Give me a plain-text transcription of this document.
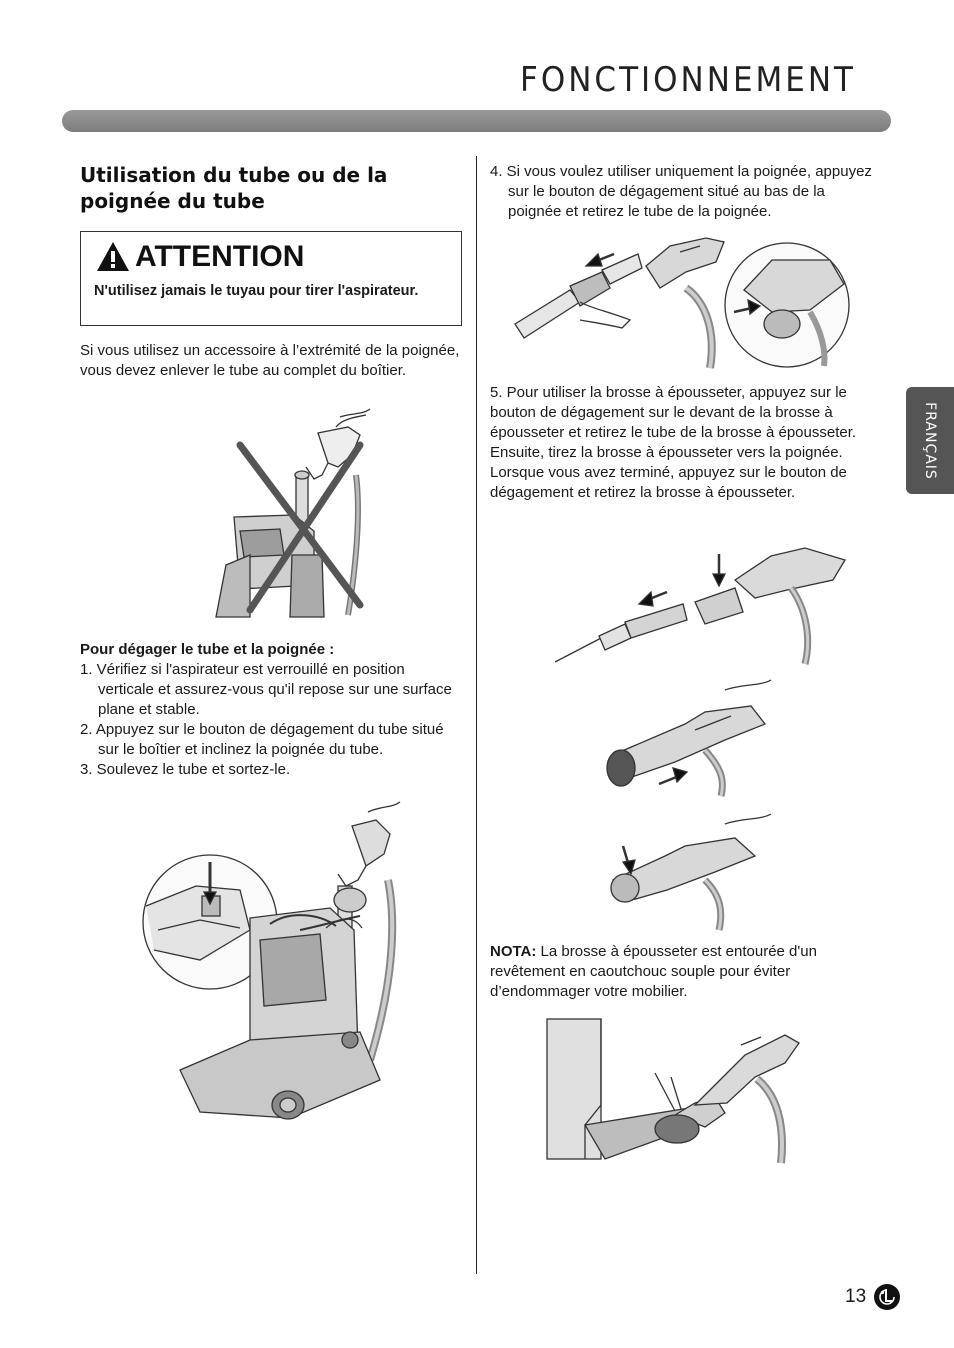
FONCTIONNEMENT
FRANÇAIS
Utilisation du tube ou de la poignée du tube
ATTENTION
N'utilisez jamais le tuyau pour tirer l'aspirateur.
Si vous utilisez un accessoire à l’extrémité de la poignée, vous devez enlever le tube au complet du boîtier.
Pour dégager le tube et la poignée :
1. Vérifiez si l'aspirateur est verrouillé en position verticale et assurez-vous qu'il repose sur une surface plane et stable.
2. Appuyez sur le bouton de dégagement du tube situé sur le boîtier et inclinez la poignée du tube.
3. Soulevez le tube et sortez-le.
4. Si vous voulez utiliser uniquement la poignée, appuyez sur le bouton de dégagement situé au bas de la poignée et retirez le tube de la poignée.
5. Pour utiliser la brosse à épousseter, appuyez sur le bouton de dégagement sur le devant de la brosse à épousseter et retirez le tube de la brosse à épousseter. Ensuite, tirez la brosse à épousseter vers la poignée. Lorsque vous avez terminé, appuyez sur le bouton de dégagement et retirez la brosse à épousseter.
NOTA: La brosse à épousseter est entourée d'un revêtement en caoutchouc souple pour éviter d’endommager votre mobilier.
13
